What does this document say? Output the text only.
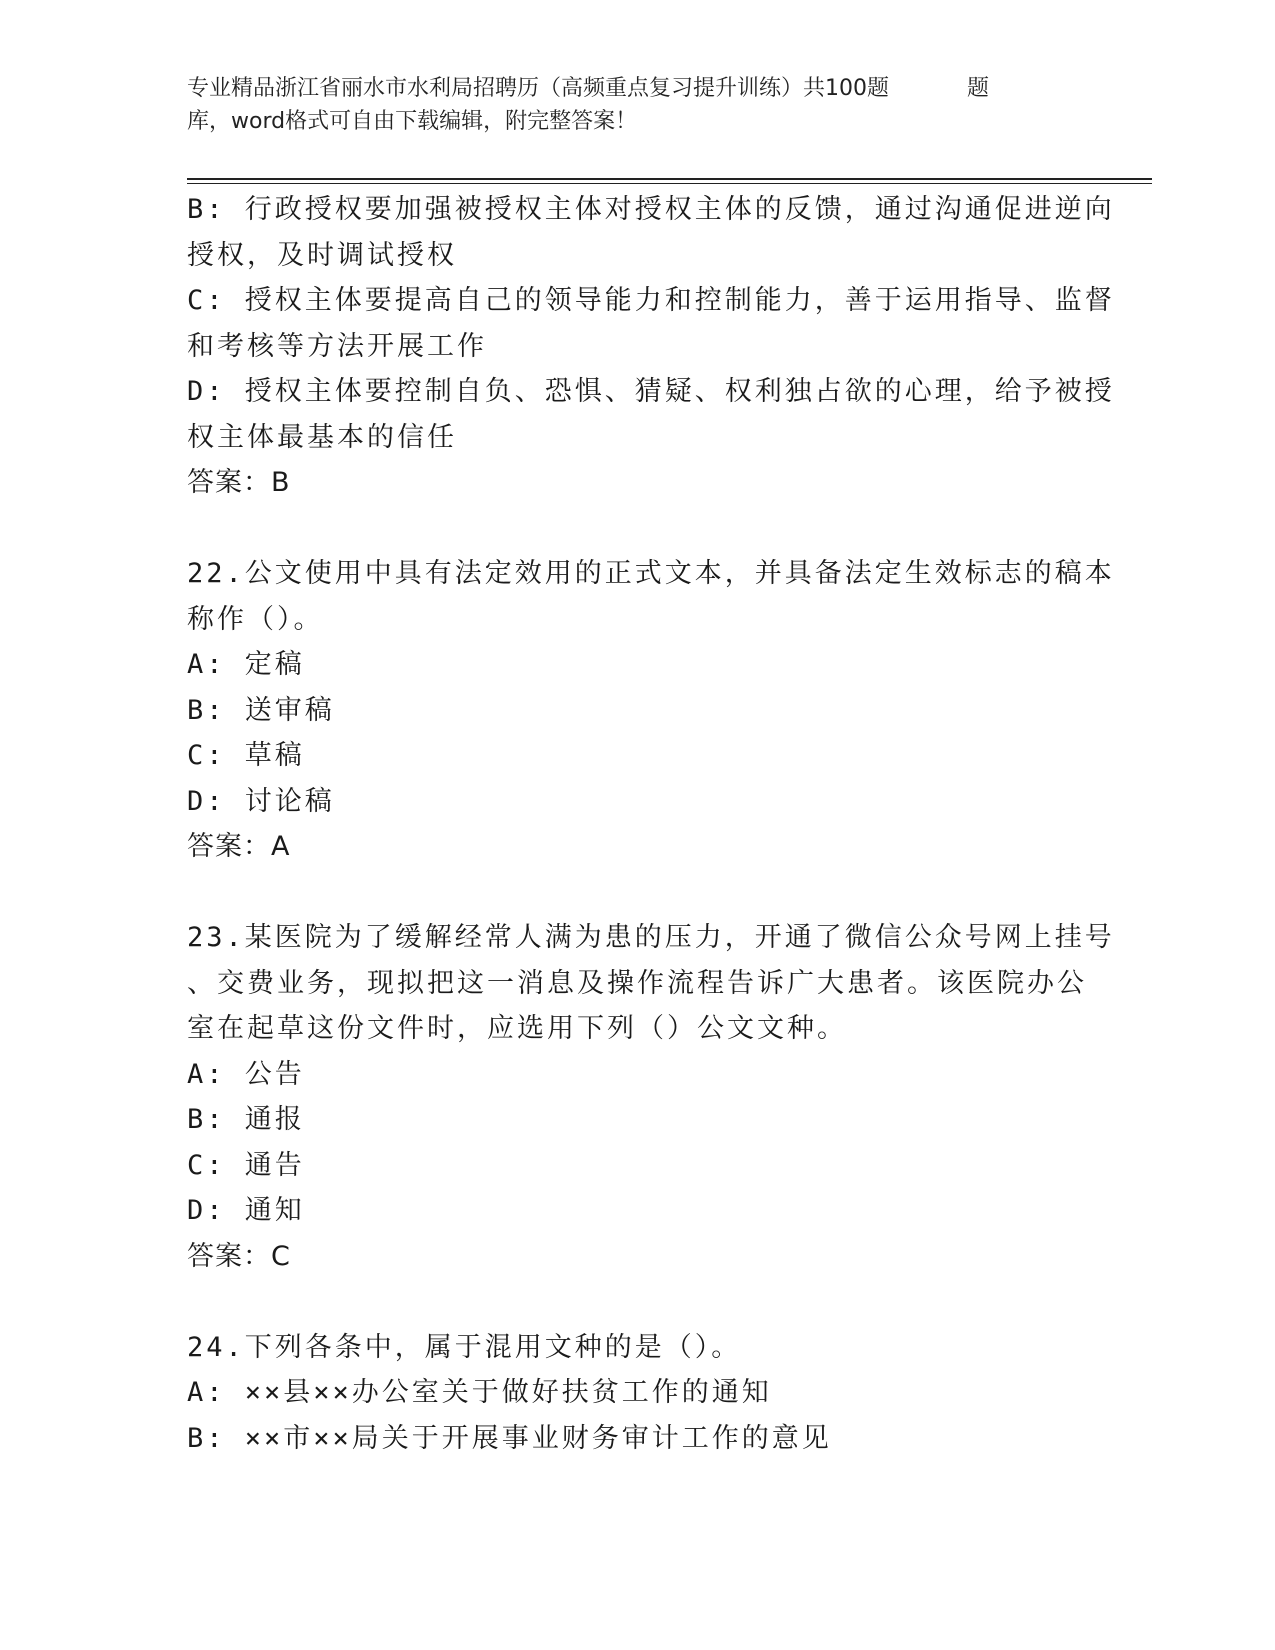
专业精品浙江省丽水市水利局招聘历（高频重点复习提升训练）共100题	题
库，word格式可自由下载编辑，附完整答案！
B: 行政授权要加强被授权主体对授权主体的反馈，通过沟通促进逆向
授权，及时调试授权
C: 授权主体要提高自己的领导能力和控制能力，善于运用指导、监督
和考核等方法开展工作
D: 授权主体要控制自负、恐惧、猜疑、权利独占欲的心理，给予被授
权主体最基本的信任
答案：B
22.公文使用中具有法定效用的正式文本，并具备法定生效标志的稿本
称作（）。
A: 定稿
B: 送审稿
C: 草稿
D: 讨论稿
答案：A
23.某医院为了缓解经常人满为患的压力，开通了微信公众号网上挂号
、交费业务，现拟把这一消息及操作流程告诉广大患者。该医院办公
室在起草这份文件时，应选用下列（）公文文种。
A: 公告
B: 通报
C: 通告
D: 通知
答案：C
24.下列各条中，属于混用文种的是（）。
A: ××县××办公室关于做好扶贫工作的通知
B: ××市××局关于开展事业财务审计工作的意见
